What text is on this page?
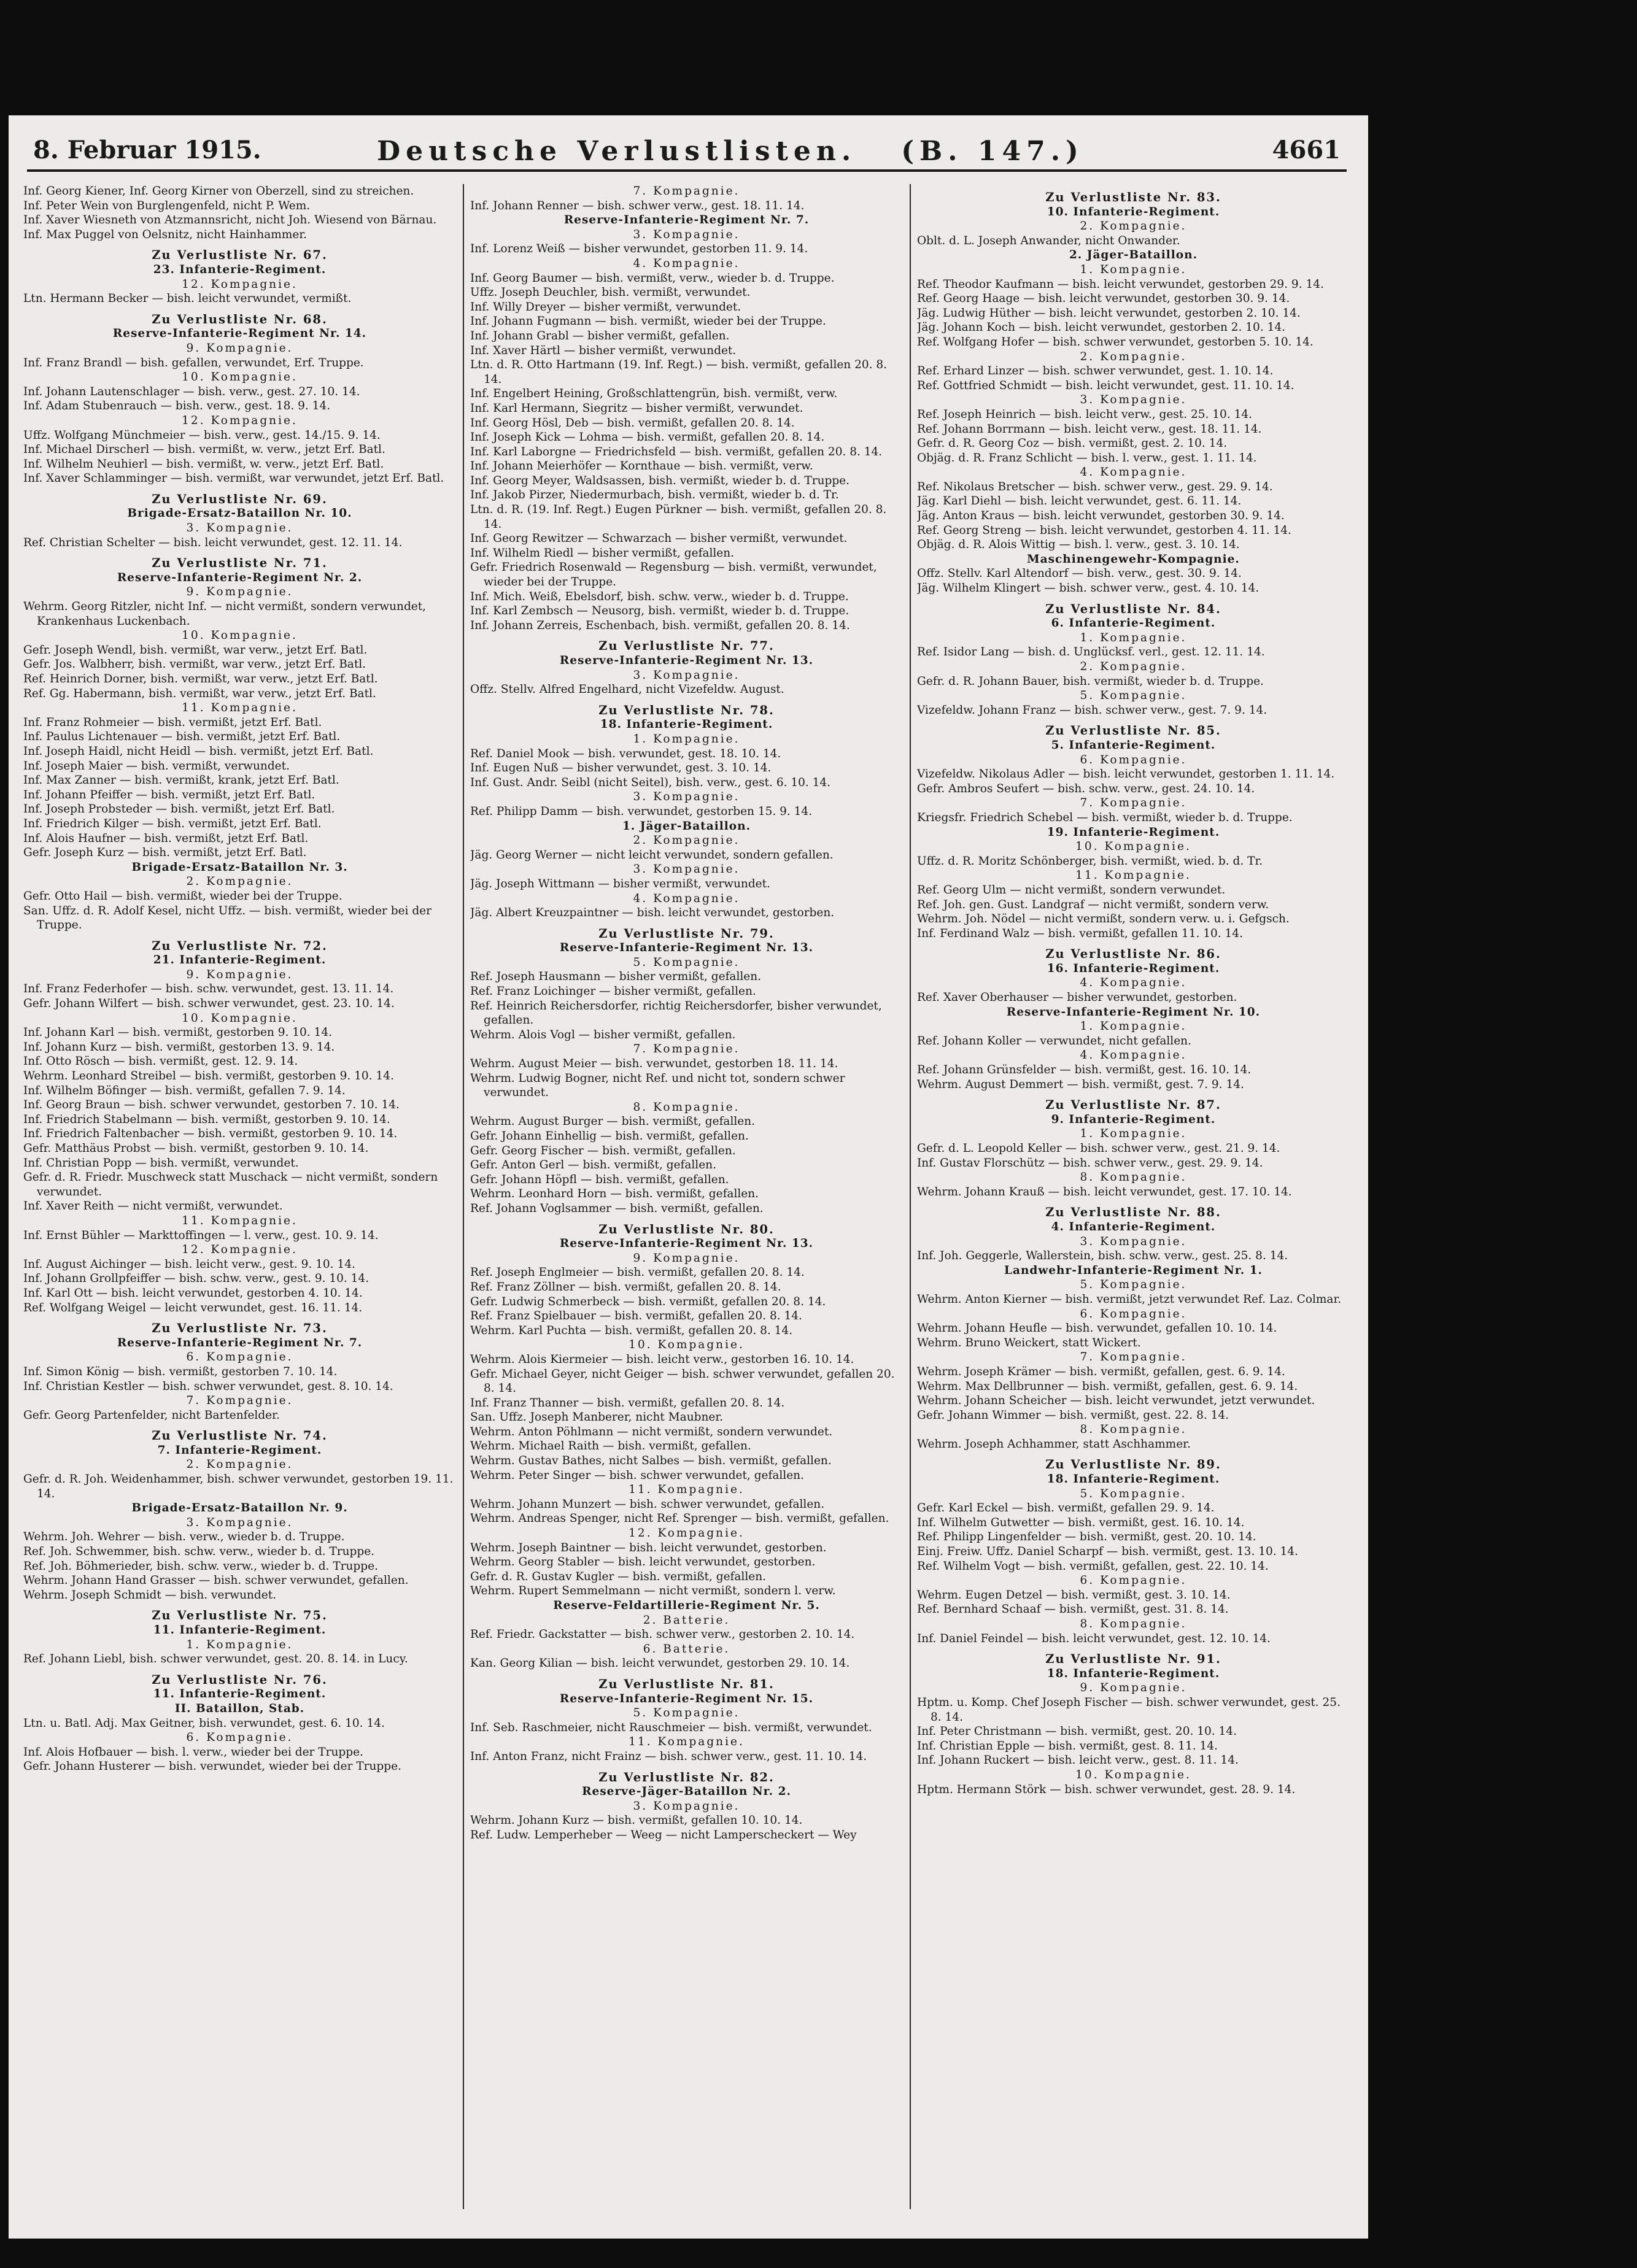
8. Februar 1915.	Deutsche Verlustlisten. (B. 147.)	4661
Inf. Georg Kiener, Inf. Georg Kirner von Oberzell, sind zu streichen.
Inf. Peter Wein von Burglengenfeld, nicht P. Wem.
Inf. Xaver Wiesneth von Atzmannsricht, nicht Joh. Wiesend von Bärnau.
Inf. Max Puggel von Oelsnitz, nicht Hainhammer.
Zu Verlustliste Nr. 67.
23. Infanterie-Regiment.
12. Kompagnie.
Ltn. Hermann Becker — bish. leicht verwundet, vermißt.
Zu Verlustliste Nr. 68.
Reserve-Infanterie-Regiment Nr. 14.
9. Kompagnie.
Inf. Franz Brandl — bish. gefallen, verwundet, Erf. Truppe.
10. Kompagnie.
Inf. Johann Lautenschlager — bish. verw., gest. 27. 10. 14.
Inf. Adam Stubenrauch — bish. verw., gest. 18. 9. 14.
12. Kompagnie.
Uffz. Wolfgang Münchmeier — bish. verw., gest. 14./15. 9. 14.
Inf. Michael Dirscherl — bish. vermißt, w. verw., jetzt Erf. Batl.
Inf. Wilhelm Neuhierl — bish. vermißt, w. verw., jetzt Erf. Batl.
Inf. Xaver Schlamminger — bish. vermißt, war verwundet, jetzt Erf. Batl.
Zu Verlustliste Nr. 69.
Brigade-Ersatz-Bataillon Nr. 10.
3. Kompagnie.
Ref. Christian Schelter — bish. leicht verwundet, gest. 12. 11. 14.
Zu Verlustliste Nr. 71.
Reserve-Infanterie-Regiment Nr. 2.
9. Kompagnie.
Wehrm. Georg Ritzler, nicht Inf. — nicht vermißt, sondern verwundet, Krankenhaus Luckenbach.
10. Kompagnie.
Gefr. Joseph Wendl, bish. vermißt, war verw., jetzt Erf. Batl.
Gefr. Jos. Walbherr, bish. vermißt, war verw., jetzt Erf. Batl.
Ref. Heinrich Dorner, bish. vermißt, war verw., jetzt Erf. Batl.
Ref. Gg. Habermann, bish. vermißt, war verw., jetzt Erf. Batl.
11. Kompagnie.
Inf. Franz Rohmeier — bish. vermißt, jetzt Erf. Batl.
Inf. Paulus Lichtenauer — bish. vermißt, jetzt Erf. Batl.
Inf. Joseph Haidl, nicht Heidl — bish. vermißt, jetzt Erf. Batl.
Inf. Joseph Maier — bish. vermißt, verwundet.
Inf. Max Zanner — bish. vermißt, krank, jetzt Erf. Batl.
Inf. Johann Pfeiffer — bish. vermißt, jetzt Erf. Batl.
Inf. Joseph Probsteder — bish. vermißt, jetzt Erf. Batl.
Inf. Friedrich Kilger — bish. vermißt, jetzt Erf. Batl.
Inf. Alois Haufner — bish. vermißt, jetzt Erf. Batl.
Gefr. Joseph Kurz — bish. vermißt, jetzt Erf. Batl.
Brigade-Ersatz-Bataillon Nr. 3.
2. Kompagnie.
Gefr. Otto Hail — bish. vermißt, wieder bei der Truppe.
San. Uffz. d. R. Adolf Kesel, nicht Uffz. — bish. vermißt, wieder bei der Truppe.
Zu Verlustliste Nr. 72.
21. Infanterie-Regiment.
9. Kompagnie.
Inf. Franz Federhofer — bish. schw. verwundet, gest. 13. 11. 14.
Gefr. Johann Wilfert — bish. schwer verwundet, gest. 23. 10. 14.
10. Kompagnie.
Inf. Johann Karl — bish. vermißt, gestorben 9. 10. 14.
Inf. Johann Kurz — bish. vermißt, gestorben 13. 9. 14.
Inf. Otto Rösch — bish. vermißt, gest. 12. 9. 14.
Wehrm. Leonhard Streibel — bish. vermißt, gestorben 9. 10. 14.
Inf. Wilhelm Böfinger — bish. vermißt, gefallen 7. 9. 14.
Inf. Georg Braun — bish. schwer verwundet, gestorben 7. 10. 14.
Inf. Friedrich Stabelmann — bish. vermißt, gestorben 9. 10. 14.
Inf. Friedrich Faltenbacher — bish. vermißt, gestorben 9. 10. 14.
Gefr. Matthäus Probst — bish. vermißt, gestorben 9. 10. 14.
Inf. Christian Popp — bish. vermißt, verwundet.
Gefr. d. R. Friedr. Muschweck statt Muschack — nicht vermißt, sondern verwundet.
Inf. Xaver Reith — nicht vermißt, verwundet.
11. Kompagnie.
Inf. Ernst Bühler — Markttoffingen — l. verw., gest. 10. 9. 14.
12. Kompagnie.
Inf. August Aichinger — bish. leicht verw., gest. 9. 10. 14.
Inf. Johann Grollpfeiffer — bish. schw. verw., gest. 9. 10. 14.
Inf. Karl Ott — bish. leicht verwundet, gestorben 4. 10. 14.
Ref. Wolfgang Weigel — leicht verwundet, gest. 16. 11. 14.
Zu Verlustliste Nr. 73.
Reserve-Infanterie-Regiment Nr. 7.
6. Kompagnie.
Inf. Simon König — bish. vermißt, gestorben 7. 10. 14.
Inf. Christian Kestler — bish. schwer verwundet, gest. 8. 10. 14.
7. Kompagnie.
Gefr. Georg Partenfelder, nicht Bartenfelder.
Zu Verlustliste Nr. 74.
7. Infanterie-Regiment.
2. Kompagnie.
Gefr. d. R. Joh. Weidenhammer, bish. schwer verwundet, gestorben 19. 11. 14.
Brigade-Ersatz-Bataillon Nr. 9.
3. Kompagnie.
Wehrm. Joh. Wehrer — bish. verw., wieder b. d. Truppe.
Ref. Joh. Schwemmer, bish. schw. verw., wieder b. d. Truppe.
Ref. Joh. Böhmerieder, bish. schw. verw., wieder b. d. Truppe.
Wehrm. Johann Hand Grasser — bish. schwer verwundet, gefallen.
Wehrm. Joseph Schmidt — bish. verwundet.
Zu Verlustliste Nr. 75.
11. Infanterie-Regiment.
1. Kompagnie.
Ref. Johann Liebl, bish. schwer verwundet, gest. 20. 8. 14. in Lucy.
Zu Verlustliste Nr. 76.
11. Infanterie-Regiment.
II. Bataillon, Stab.
Ltn. u. Batl. Adj. Max Geitner, bish. verwundet, gest. 6. 10. 14.
6. Kompagnie.
Inf. Alois Hofbauer — bish. l. verw., wieder bei der Truppe.
Gefr. Johann Husterer — bish. verwundet, wieder bei der Truppe.
7. Kompagnie.
Inf. Johann Renner — bish. schwer verw., gest. 18. 11. 14.
Reserve-Infanterie-Regiment Nr. 7.
3. Kompagnie.
Inf. Lorenz Weiß — bisher verwundet, gestorben 11. 9. 14.
4. Kompagnie.
Inf. Georg Baumer — bish. vermißt, verw., wieder b. d. Truppe.
Uffz. Joseph Deuchler, bish. vermißt, verwundet.
Inf. Willy Dreyer — bisher vermißt, verwundet.
Inf. Johann Fugmann — bish. vermißt, wieder bei der Truppe.
Inf. Johann Grabl — bisher vermißt, gefallen.
Inf. Xaver Härtl — bisher vermißt, verwundet.
Ltn. d. R. Otto Hartmann (19. Inf. Regt.) — bish. vermißt, gefallen 20. 8. 14.
Inf. Engelbert Heining, Großschlattengrün, bish. vermißt, verw.
Inf. Karl Hermann, Siegritz — bisher vermißt, verwundet.
Inf. Georg Hösl, Deb — bish. vermißt, gefallen 20. 8. 14.
Inf. Joseph Kick — Lohma — bish. vermißt, gefallen 20. 8. 14.
Inf. Karl Laborgne — Friedrichsfeld — bish. vermißt, gefallen 20. 8. 14.
Inf. Johann Meierhöfer — Kornthaue — bish. vermißt, verw.
Inf. Georg Meyer, Waldsassen, bish. vermißt, wieder b. d. Truppe.
Inf. Jakob Pirzer, Niedermurbach, bish. vermißt, wieder b. d. Tr.
Ltn. d. R. (19. Inf. Regt.) Eugen Pürkner — bish. vermißt, gefallen 20. 8. 14.
Inf. Georg Rewitzer — Schwarzach — bisher vermißt, verwundet.
Inf. Wilhelm Riedl — bisher vermißt, gefallen.
Gefr. Friedrich Rosenwald — Regensburg — bish. vermißt, verwundet, wieder bei der Truppe.
Inf. Mich. Weiß, Ebelsdorf, bish. schw. verw., wieder b. d. Truppe.
Inf. Karl Zembsch — Neusorg, bish. vermißt, wieder b. d. Truppe.
Inf. Johann Zerreis, Eschenbach, bish. vermißt, gefallen 20. 8. 14.
Zu Verlustliste Nr. 77.
Reserve-Infanterie-Regiment Nr. 13.
3. Kompagnie.
Offz. Stellv. Alfred Engelhard, nicht Vizefeldw. August.
Zu Verlustliste Nr. 78.
18. Infanterie-Regiment.
1. Kompagnie.
Ref. Daniel Mook — bish. verwundet, gest. 18. 10. 14.
Inf. Eugen Nuß — bisher verwundet, gest. 3. 10. 14.
Inf. Gust. Andr. Seibl (nicht Seitel), bish. verw., gest. 6. 10. 14.
3. Kompagnie.
Ref. Philipp Damm — bish. verwundet, gestorben 15. 9. 14.
1. Jäger-Bataillon.
2. Kompagnie.
Jäg. Georg Werner — nicht leicht verwundet, sondern gefallen.
3. Kompagnie.
Jäg. Joseph Wittmann — bisher vermißt, verwundet.
4. Kompagnie.
Jäg. Albert Kreuzpaintner — bish. leicht verwundet, gestorben.
Zu Verlustliste Nr. 79.
Reserve-Infanterie-Regiment Nr. 13.
5. Kompagnie.
Ref. Joseph Hausmann — bisher vermißt, gefallen.
Ref. Franz Loichinger — bisher vermißt, gefallen.
Ref. Heinrich Reichersdorfer, richtig Reichersdorfer, bisher verwundet, gefallen.
Wehrm. Alois Vogl — bisher vermißt, gefallen.
7. Kompagnie.
Wehrm. August Meier — bish. verwundet, gestorben 18. 11. 14.
Wehrm. Ludwig Bogner, nicht Ref. und nicht tot, sondern schwer verwundet.
8. Kompagnie.
Wehrm. August Burger — bish. vermißt, gefallen.
Gefr. Johann Einhellig — bish. vermißt, gefallen.
Gefr. Georg Fischer — bish. vermißt, gefallen.
Gefr. Anton Gerl — bish. vermißt, gefallen.
Gefr. Johann Höpfl — bish. vermißt, gefallen.
Wehrm. Leonhard Horn — bish. vermißt, gefallen.
Ref. Johann Voglsammer — bish. vermißt, gefallen.
Zu Verlustliste Nr. 80.
Reserve-Infanterie-Regiment Nr. 13.
9. Kompagnie.
Ref. Joseph Englmeier — bish. vermißt, gefallen 20. 8. 14.
Ref. Franz Zöllner — bish. vermißt, gefallen 20. 8. 14.
Gefr. Ludwig Schmerbeck — bish. vermißt, gefallen 20. 8. 14.
Ref. Franz Spielbauer — bish. vermißt, gefallen 20. 8. 14.
Wehrm. Karl Puchta — bish. vermißt, gefallen 20. 8. 14.
10. Kompagnie.
Wehrm. Alois Kiermeier — bish. leicht verw., gestorben 16. 10. 14.
Gefr. Michael Geyer, nicht Geiger — bish. schwer verwundet, gefallen 20. 8. 14.
Inf. Franz Thanner — bish. vermißt, gefallen 20. 8. 14.
San. Uffz. Joseph Manberer, nicht Maubner.
Wehrm. Anton Pöhlmann — nicht vermißt, sondern verwundet.
Wehrm. Michael Raith — bish. vermißt, gefallen.
Wehrm. Gustav Bathes, nicht Salbes — bish. vermißt, gefallen.
Wehrm. Peter Singer — bish. schwer verwundet, gefallen.
11. Kompagnie.
Wehrm. Johann Munzert — bish. schwer verwundet, gefallen.
Wehrm. Andreas Spenger, nicht Ref. Sprenger — bish. vermißt, gefallen.
12. Kompagnie.
Wehrm. Joseph Baintner — bish. leicht verwundet, gestorben.
Wehrm. Georg Stabler — bish. leicht verwundet, gestorben.
Gefr. d. R. Gustav Kugler — bish. vermißt, gefallen.
Wehrm. Rupert Semmelmann — nicht vermißt, sondern l. verw.
Reserve-Feldartillerie-Regiment Nr. 5.
2. Batterie.
Ref. Friedr. Gackstatter — bish. schwer verw., gestorben 2. 10. 14.
6. Batterie.
Kan. Georg Kilian — bish. leicht verwundet, gestorben 29. 10. 14.
Zu Verlustliste Nr. 81.
Reserve-Infanterie-Regiment Nr. 15.
5. Kompagnie.
Inf. Seb. Raschmeier, nicht Rauschmeier — bish. vermißt, verwundet.
11. Kompagnie.
Inf. Anton Franz, nicht Frainz — bish. schwer verw., gest. 11. 10. 14.
Zu Verlustliste Nr. 82.
Reserve-Jäger-Bataillon Nr. 2.
3. Kompagnie.
Wehrm. Johann Kurz — bish. vermißt, gefallen 10. 10. 14.
Ref. Ludw. Lemperheber — Weeg — nicht Lamperscheckert — Wey
Zu Verlustliste Nr. 83.
10. Infanterie-Regiment.
2. Kompagnie.
Oblt. d. L. Joseph Anwander, nicht Onwander.
2. Jäger-Bataillon.
1. Kompagnie.
Ref. Theodor Kaufmann — bish. leicht verwundet, gestorben 29. 9. 14.
Ref. Georg Haage — bish. leicht verwundet, gestorben 30. 9. 14.
Jäg. Ludwig Hüther — bish. leicht verwundet, gestorben 2. 10. 14.
Jäg. Johann Koch — bish. leicht verwundet, gestorben 2. 10. 14.
Ref. Wolfgang Hofer — bish. schwer verwundet, gestorben 5. 10. 14.
2. Kompagnie.
Ref. Erhard Linzer — bish. schwer verwundet, gest. 1. 10. 14.
Ref. Gottfried Schmidt — bish. leicht verwundet, gest. 11. 10. 14.
3. Kompagnie.
Ref. Joseph Heinrich — bish. leicht verw., gest. 25. 10. 14.
Ref. Johann Borrmann — bish. leicht verw., gest. 18. 11. 14.
Gefr. d. R. Georg Coz — bish. vermißt, gest. 2. 10. 14.
Objäg. d. R. Franz Schlicht — bish. l. verw., gest. 1. 11. 14.
4. Kompagnie.
Ref. Nikolaus Bretscher — bish. schwer verw., gest. 29. 9. 14.
Jäg. Karl Diehl — bish. leicht verwundet, gest. 6. 11. 14.
Jäg. Anton Kraus — bish. leicht verwundet, gestorben 30. 9. 14.
Ref. Georg Streng — bish. leicht verwundet, gestorben 4. 11. 14.
Objäg. d. R. Alois Wittig — bish. l. verw., gest. 3. 10. 14.
Maschinengewehr-Kompagnie.
Offz. Stellv. Karl Altendorf — bish. verw., gest. 30. 9. 14.
Jäg. Wilhelm Klingert — bish. schwer verw., gest. 4. 10. 14.
Zu Verlustliste Nr. 84.
6. Infanterie-Regiment.
1. Kompagnie.
Ref. Isidor Lang — bish. d. Unglücksf. verl., gest. 12. 11. 14.
2. Kompagnie.
Gefr. d. R. Johann Bauer, bish. vermißt, wieder b. d. Truppe.
5. Kompagnie.
Vizefeldw. Johann Franz — bish. schwer verw., gest. 7. 9. 14.
Zu Verlustliste Nr. 85.
5. Infanterie-Regiment.
6. Kompagnie.
Vizefeldw. Nikolaus Adler — bish. leicht verwundet, gestorben 1. 11. 14.
Gefr. Ambros Seufert — bish. schw. verw., gest. 24. 10. 14.
7. Kompagnie.
Kriegsfr. Friedrich Schebel — bish. vermißt, wieder b. d. Truppe.
19. Infanterie-Regiment.
10. Kompagnie.
Uffz. d. R. Moritz Schönberger, bish. vermißt, wied. b. d. Tr.
11. Kompagnie.
Ref. Georg Ulm — nicht vermißt, sondern verwundet.
Ref. Joh. gen. Gust. Landgraf — nicht vermißt, sondern verw.
Wehrm. Joh. Nödel — nicht vermißt, sondern verw. u. i. Gefgsch.
Inf. Ferdinand Walz — bish. vermißt, gefallen 11. 10. 14.
Zu Verlustliste Nr. 86.
16. Infanterie-Regiment.
4. Kompagnie.
Ref. Xaver Oberhauser — bisher verwundet, gestorben.
Reserve-Infanterie-Regiment Nr. 10.
1. Kompagnie.
Ref. Johann Koller — verwundet, nicht gefallen.
4. Kompagnie.
Ref. Johann Grünsfelder — bish. vermißt, gest. 16. 10. 14.
Wehrm. August Demmert — bish. vermißt, gest. 7. 9. 14.
Zu Verlustliste Nr. 87.
9. Infanterie-Regiment.
1. Kompagnie.
Gefr. d. L. Leopold Keller — bish. schwer verw., gest. 21. 9. 14.
Inf. Gustav Florschütz — bish. schwer verw., gest. 29. 9. 14.
8. Kompagnie.
Wehrm. Johann Krauß — bish. leicht verwundet, gest. 17. 10. 14.
Zu Verlustliste Nr. 88.
4. Infanterie-Regiment.
3. Kompagnie.
Inf. Joh. Geggerle, Wallerstein, bish. schw. verw., gest. 25. 8. 14.
Landwehr-Infanterie-Regiment Nr. 1.
5. Kompagnie.
Wehrm. Anton Kierner — bish. vermißt, jetzt verwundet Ref. Laz. Colmar.
6. Kompagnie.
Wehrm. Johann Heufle — bish. verwundet, gefallen 10. 10. 14.
Wehrm. Bruno Weickert, statt Wickert.
7. Kompagnie.
Wehrm. Joseph Krämer — bish. vermißt, gefallen, gest. 6. 9. 14.
Wehrm. Max Dellbrunner — bish. vermißt, gefallen, gest. 6. 9. 14.
Wehrm. Johann Scheicher — bish. leicht verwundet, jetzt verwundet.
Gefr. Johann Wimmer — bish. vermißt, gest. 22. 8. 14.
8. Kompagnie.
Wehrm. Joseph Achhammer, statt Aschhammer.
Zu Verlustliste Nr. 89.
18. Infanterie-Regiment.
5. Kompagnie.
Gefr. Karl Eckel — bish. vermißt, gefallen 29. 9. 14.
Inf. Wilhelm Gutwetter — bish. vermißt, gest. 16. 10. 14.
Ref. Philipp Lingenfelder — bish. vermißt, gest. 20. 10. 14.
Einj. Freiw. Uffz. Daniel Scharpf — bish. vermißt, gest. 13. 10. 14.
Ref. Wilhelm Vogt — bish. vermißt, gefallen, gest. 22. 10. 14.
6. Kompagnie.
Wehrm. Eugen Detzel — bish. vermißt, gest. 3. 10. 14.
Ref. Bernhard Schaaf — bish. vermißt, gest. 31. 8. 14.
8. Kompagnie.
Inf. Daniel Feindel — bish. leicht verwundet, gest. 12. 10. 14.
Zu Verlustliste Nr. 91.
18. Infanterie-Regiment.
9. Kompagnie.
Hptm. u. Komp. Chef Joseph Fischer — bish. schwer verwundet, gest. 25. 8. 14.
Inf. Peter Christmann — bish. vermißt, gest. 20. 10. 14.
Inf. Christian Epple — bish. vermißt, gest. 8. 11. 14.
Inf. Johann Ruckert — bish. leicht verw., gest. 8. 11. 14.
10. Kompagnie.
Hptm. Hermann Störk — bish. schwer verwundet, gest. 28. 9. 14.
